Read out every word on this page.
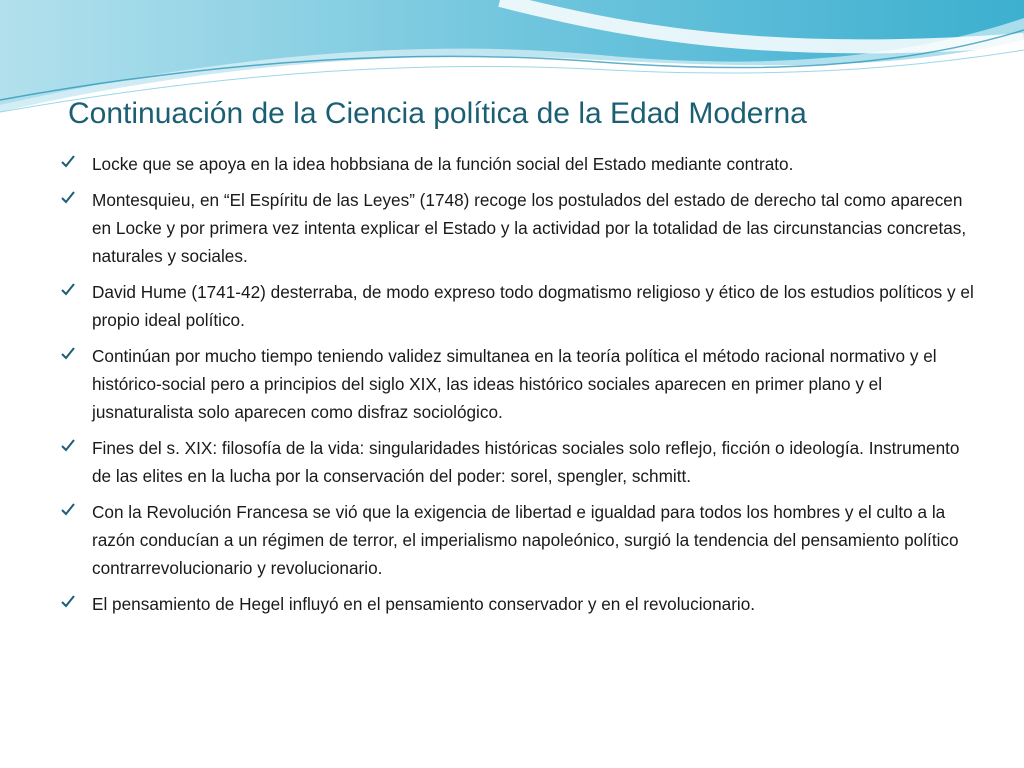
Continuación de la Ciencia política de la Edad Moderna
Locke que se apoya en la idea hobbsiana de la función social del Estado mediante contrato.
Montesquieu, en “El Espíritu de las Leyes” (1748) recoge los postulados del estado de derecho tal como aparecen en Locke y por primera vez intenta explicar el Estado y la actividad por la totalidad de las circunstancias concretas, naturales y sociales.
David Hume (1741-42) desterraba, de modo expreso todo dogmatismo religioso y ético de los estudios políticos y el propio ideal político.
Continúan por mucho tiempo teniendo validez simultanea en la teoría política el método racional normativo y el histórico-social pero a principios del siglo XIX, las ideas histórico sociales aparecen en primer plano y el jusnaturalista solo aparecen como disfraz sociológico.
Fines del s. XIX: filosofía de la vida: singularidades históricas sociales solo reflejo, ficción o ideología. Instrumento de las elites en la lucha por la conservación del poder: sorel, spengler, schmitt.
Con la Revolución Francesa se vió que la exigencia de libertad e igualdad para todos los hombres y el culto a la razón conducían a un régimen de terror, el imperialismo napoleónico, surgió la tendencia del pensamiento político contrarrevolucionario y revolucionario.
El pensamiento de Hegel influyó en el pensamiento conservador y en el revolucionario.
